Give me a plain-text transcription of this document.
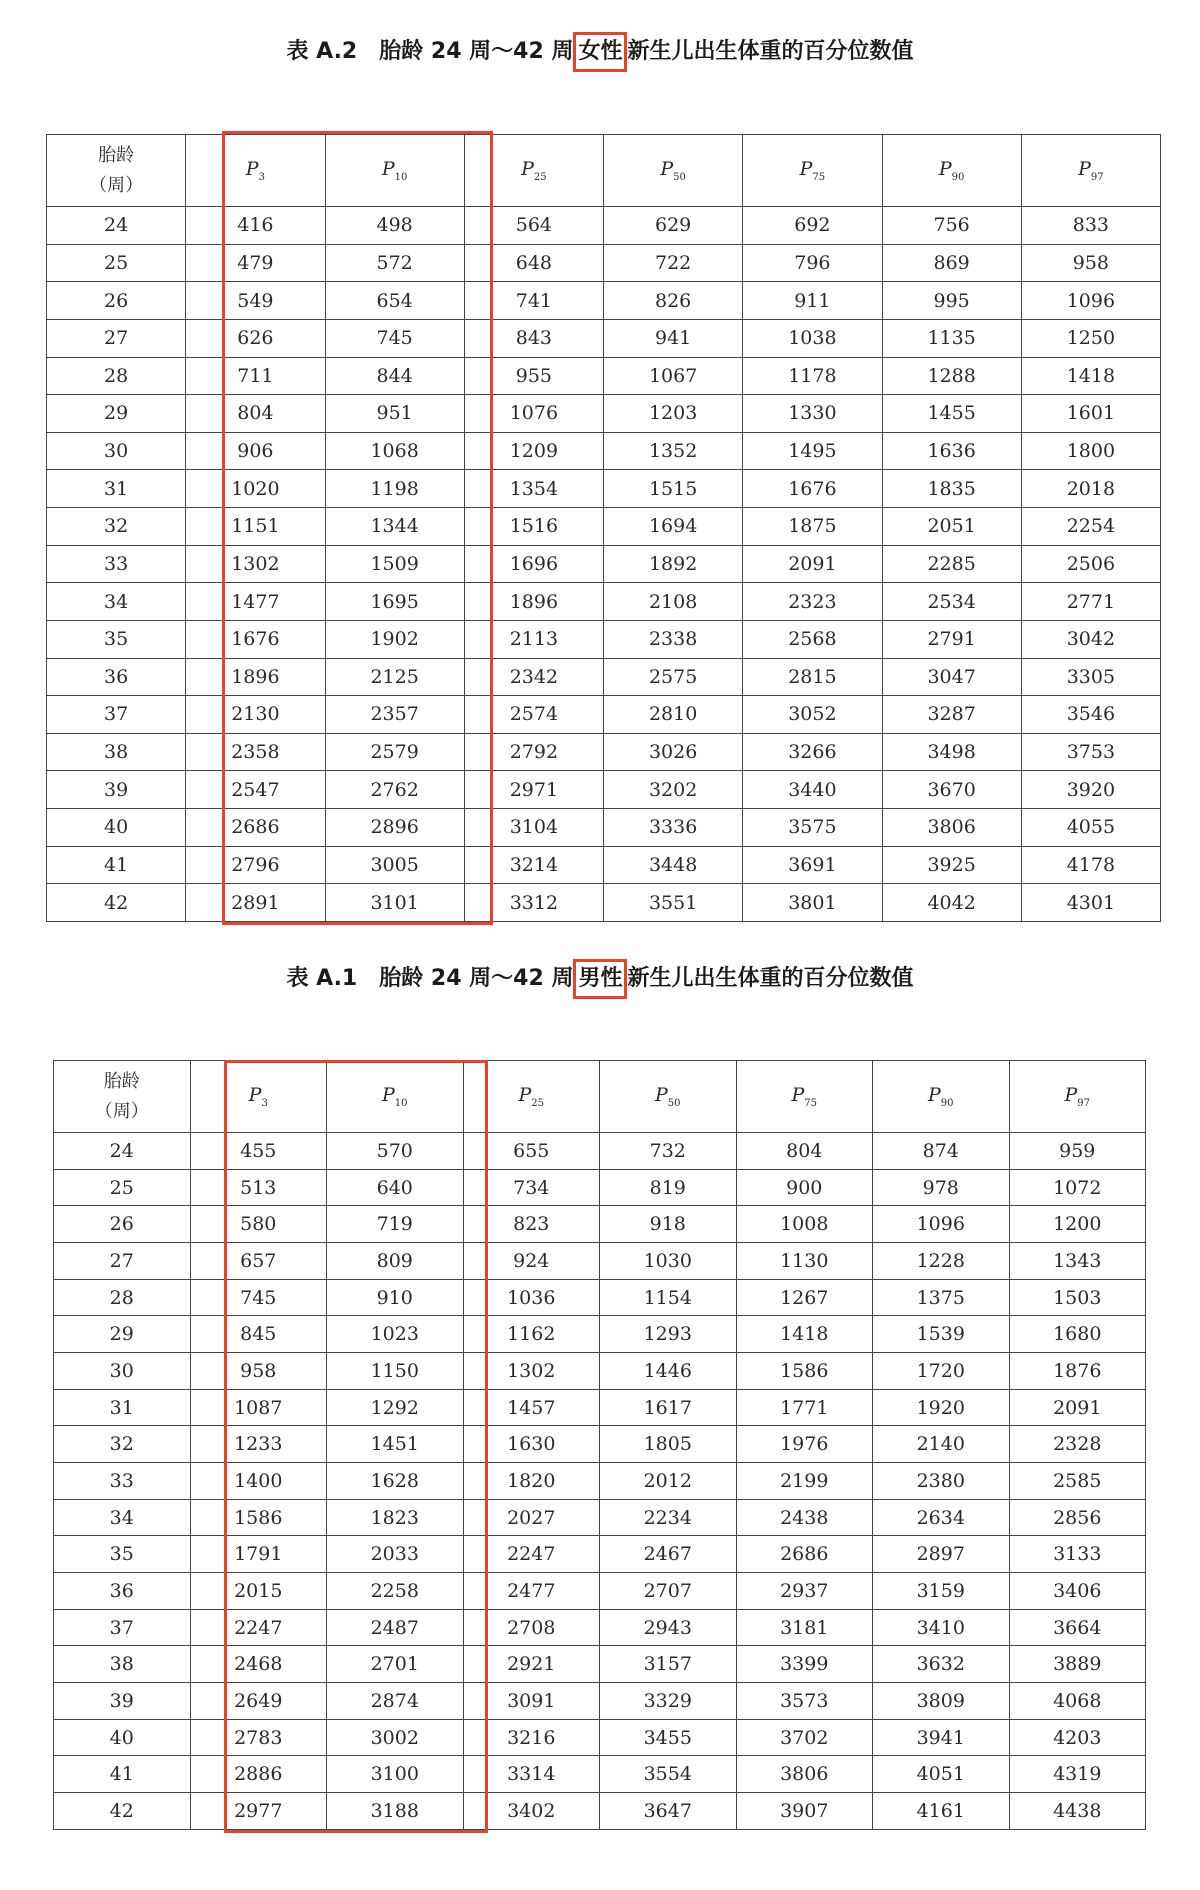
表 A.2 胎龄 24 周～42 周 女性 新生儿出生体重的百分位数值
胎龄
（周）	$P_3$	$P_{10}$	$P_{25}$	$P_{50}$	$P_{75}$	$P_{90}$	$P_{97}$
24	416	498	564	629	692	756	833
25	479	572	648	722	796	869	958
26	549	654	741	826	911	995	1096
27	626	745	843	941	1038	1135	1250
28	711	844	955	1067	1178	1288	1418
29	804	951	1076	1203	1330	1455	1601
30	906	1068	1209	1352	1495	1636	1800
31	1020	1198	1354	1515	1676	1835	2018
32	1151	1344	1516	1694	1875	2051	2254
33	1302	1509	1696	1892	2091	2285	2506
34	1477	1695	1896	2108	2323	2534	2771
35	1676	1902	2113	2338	2568	2791	3042
36	1896	2125	2342	2575	2815	3047	3305
37	2130	2357	2574	2810	3052	3287	3546
38	2358	2579	2792	3026	3266	3498	3753
39	2547	2762	2971	3202	3440	3670	3920
40	2686	2896	3104	3336	3575	3806	4055
41	2796	3005	3214	3448	3691	3925	4178
42	2891	3101	3312	3551	3801	4042	4301
表 A.1 胎龄 24 周～42 周 男性 新生儿出生体重的百分位数值
胎龄
（周）	$P_3$	$P_{10}$	$P_{25}$	$P_{50}$	$P_{75}$	$P_{90}$	$P_{97}$
24	455	570	655	732	804	874	959
25	513	640	734	819	900	978	1072
26	580	719	823	918	1008	1096	1200
27	657	809	924	1030	1130	1228	1343
28	745	910	1036	1154	1267	1375	1503
29	845	1023	1162	1293	1418	1539	1680
30	958	1150	1302	1446	1586	1720	1876
31	1087	1292	1457	1617	1771	1920	2091
32	1233	1451	1630	1805	1976	2140	2328
33	1400	1628	1820	2012	2199	2380	2585
34	1586	1823	2027	2234	2438	2634	2856
35	1791	2033	2247	2467	2686	2897	3133
36	2015	2258	2477	2707	2937	3159	3406
37	2247	2487	2708	2943	3181	3410	3664
38	2468	2701	2921	3157	3399	3632	3889
39	2649	2874	3091	3329	3573	3809	4068
40	2783	3002	3216	3455	3702	3941	4203
41	2886	3100	3314	3554	3806	4051	4319
42	2977	3188	3402	3647	3907	4161	4438
